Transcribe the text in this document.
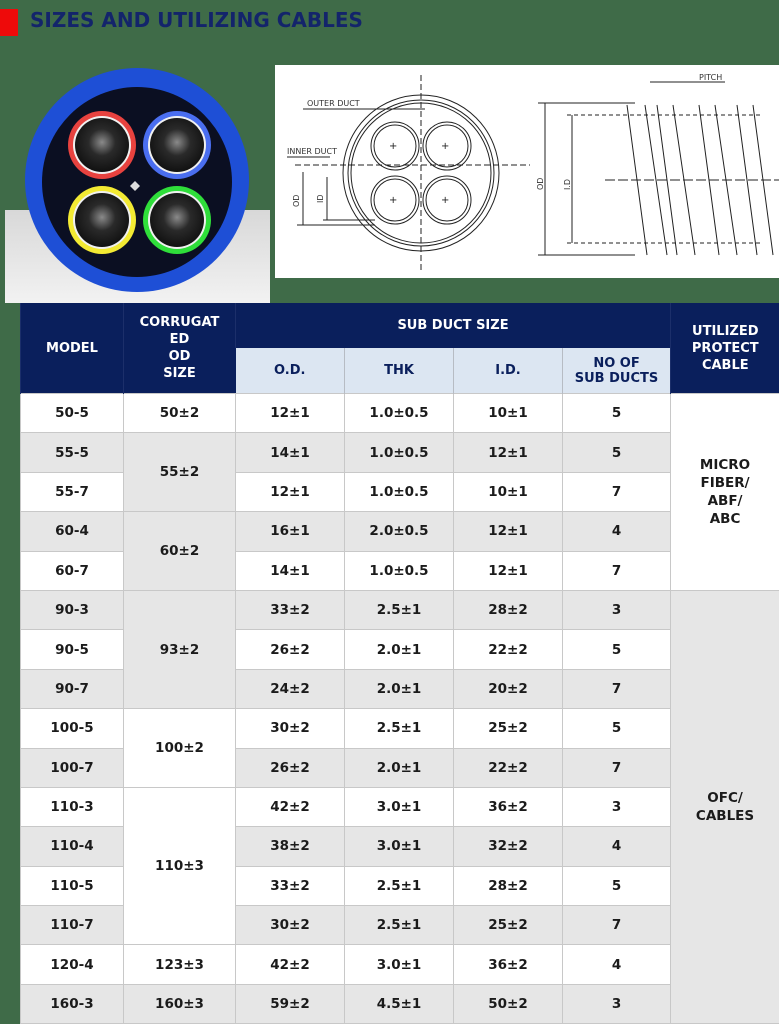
SIZES AND UTILIZING CABLES
+	+
+	+
OUTER DUCT
INNER DUCT
OD ID
PITCH
OD I.D
MODEL	
CORRUGAT
ED
OD
SIZE
	SUB DUCT SIZE	UTILIZED
PROTECT
CABLE

		O.D.	THK	I.D.	NO OF
SUB DUCTS	

50-5	50±2	12±1	1.0±0.5	10±1	5	MICRO
FIBER/
ABF/
ABC

55-5	55±2	14±1	1.0±0.5	12±1	5	
55-7		12±1	1.0±0.5	10±1	7	
60-4	60±2	16±1	2.0±0.5	12±1	4	
60-7		14±1	1.0±0.5	12±1	7	
90-3	93±2	33±2	2.5±1	28±2	3	OFC/
CABLES

90-5		26±2	2.0±1	22±2	5	
90-7		24±2	2.0±1	20±2	7	
100-5	100±2	30±2	2.5±1	25±2	5	
100-7		26±2	2.0±1	22±2	7	
110-3	110±3	42±2	3.0±1	36±2	3	
110-4		38±2	3.0±1	32±2	4	
110-5		33±2	2.5±1	28±2	5	
110-7		30±2	2.5±1	25±2	7	
120-4	123±3	42±2	3.0±1	36±2	4	
160-3	160±3	59±2	4.5±1	50±2	3	
